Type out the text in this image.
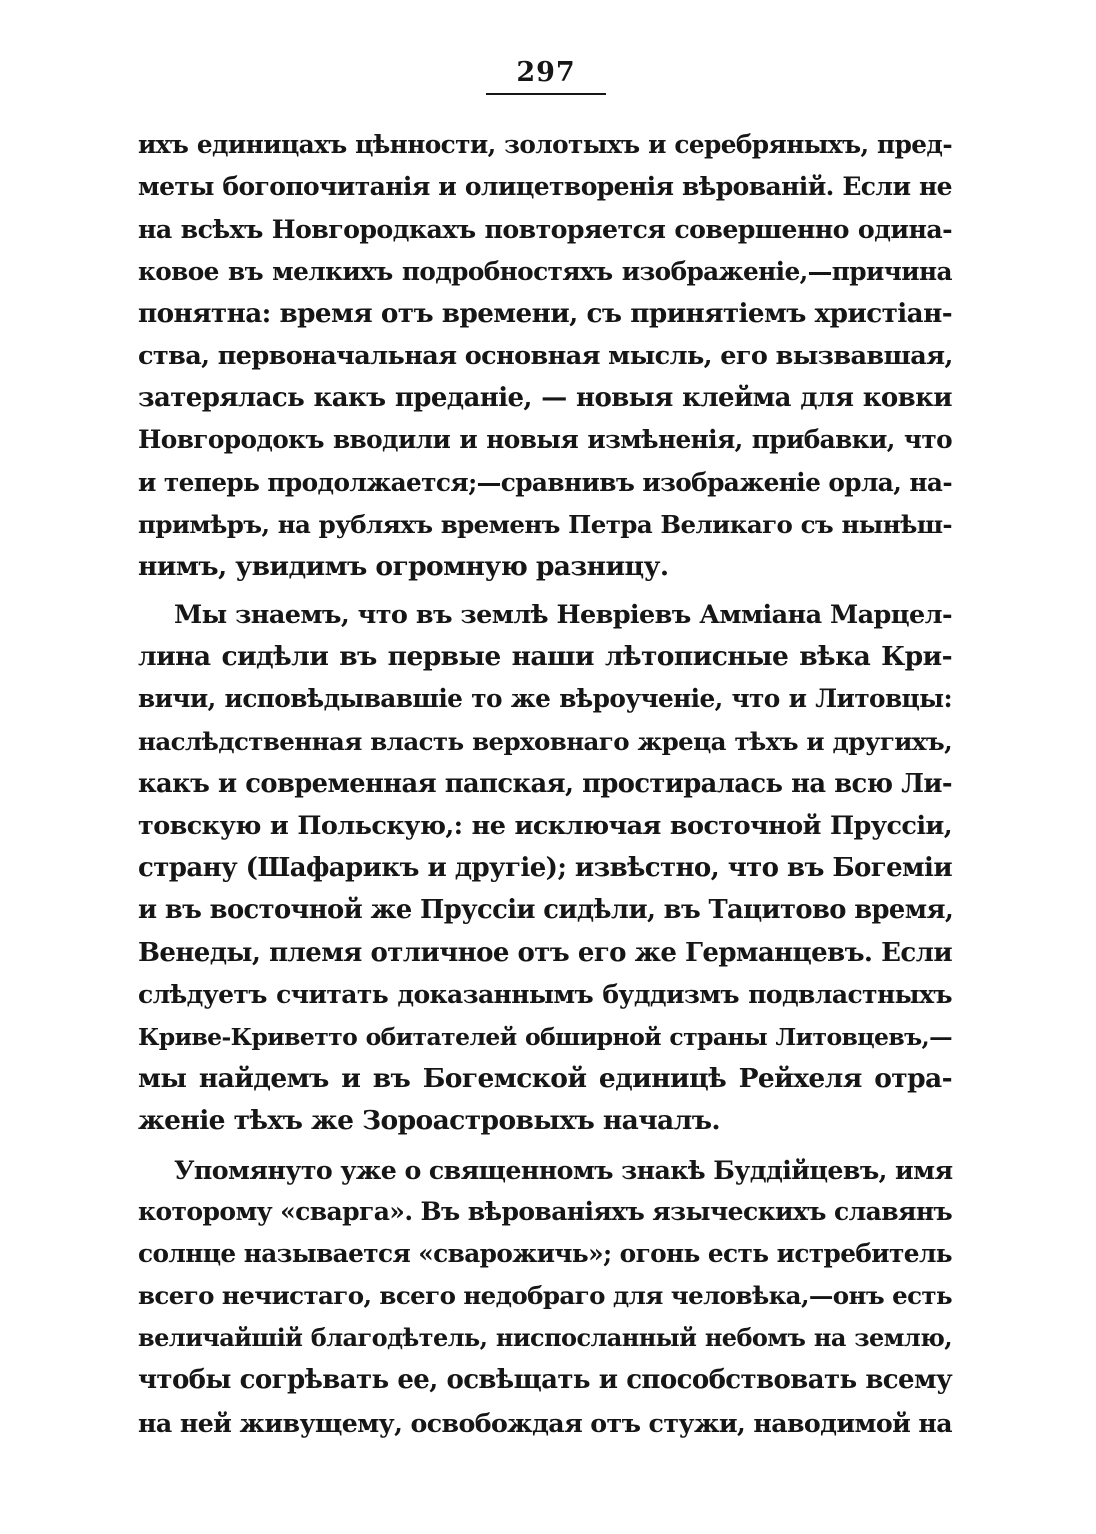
297
ихъ единицахъ цѣнности, золотыхъ и серебряныхъ, пред-
меты богопочитанія и олицетворенія вѣрованій. Если не
на всѣхъ Новгородкахъ повторяется совершенно одина-
ковое въ мелкихъ подробностяхъ изображеніе,—причина
понятна: время отъ времени, съ принятіемъ христіан-
ства, первоначальная основная мысль, его вызвавшая,
затерялась какъ преданіе, — новыя клейма для ковки
Новгородокъ вводили и новыя измѣненія, прибавки, что
и теперь продолжается;—сравнивъ изображеніе орла, на-
примѣръ, на рубляхъ временъ Петра Великаго съ нынѣш-
нимъ, увидимъ огромную разницу.
Мы знаемъ, что въ землѣ Невріевъ Амміана Марцел-
лина сидѣли въ первые наши лѣтописные вѣка Кри-
вичи, исповѣдывавшіе то же вѣроученіе, что и Литовцы:
наслѣдственная власть верховнаго жреца тѣхъ и другихъ,
какъ и современная папская, простиралась на всю Ли-
товскую и Польскую,: не исключая восточной Пруссіи,
страну (Шафарикъ и другіе); извѣстно, что въ Богеміи
и въ восточной же Пруссіи сидѣли, въ Тацитово время,
Венеды, племя отличное отъ его же Германцевъ. Если
слѣдуетъ считать доказаннымъ буддизмъ подвластныхъ
Криве-Криветто обитателей обширной страны Литовцевъ,—
мы найдемъ и въ Богемской единицѣ Рейхеля отра-
женіе тѣхъ же Зороастровыхъ началъ.
Упомянуто уже о священномъ знакѣ Буддійцевъ, имя
которому «сварга». Въ вѣрованіяхъ языческихъ славянъ
солнце называется «сварожичь»; огонь есть истребитель
всего нечистаго, всего недобраго для человѣка,—онъ есть
величайшій благодѣтель, ниспосланный небомъ на землю,
чтобы согрѣвать ее, освѣщать и способствовать всему
на ней живущему, освобождая отъ стужи, наводимой на
